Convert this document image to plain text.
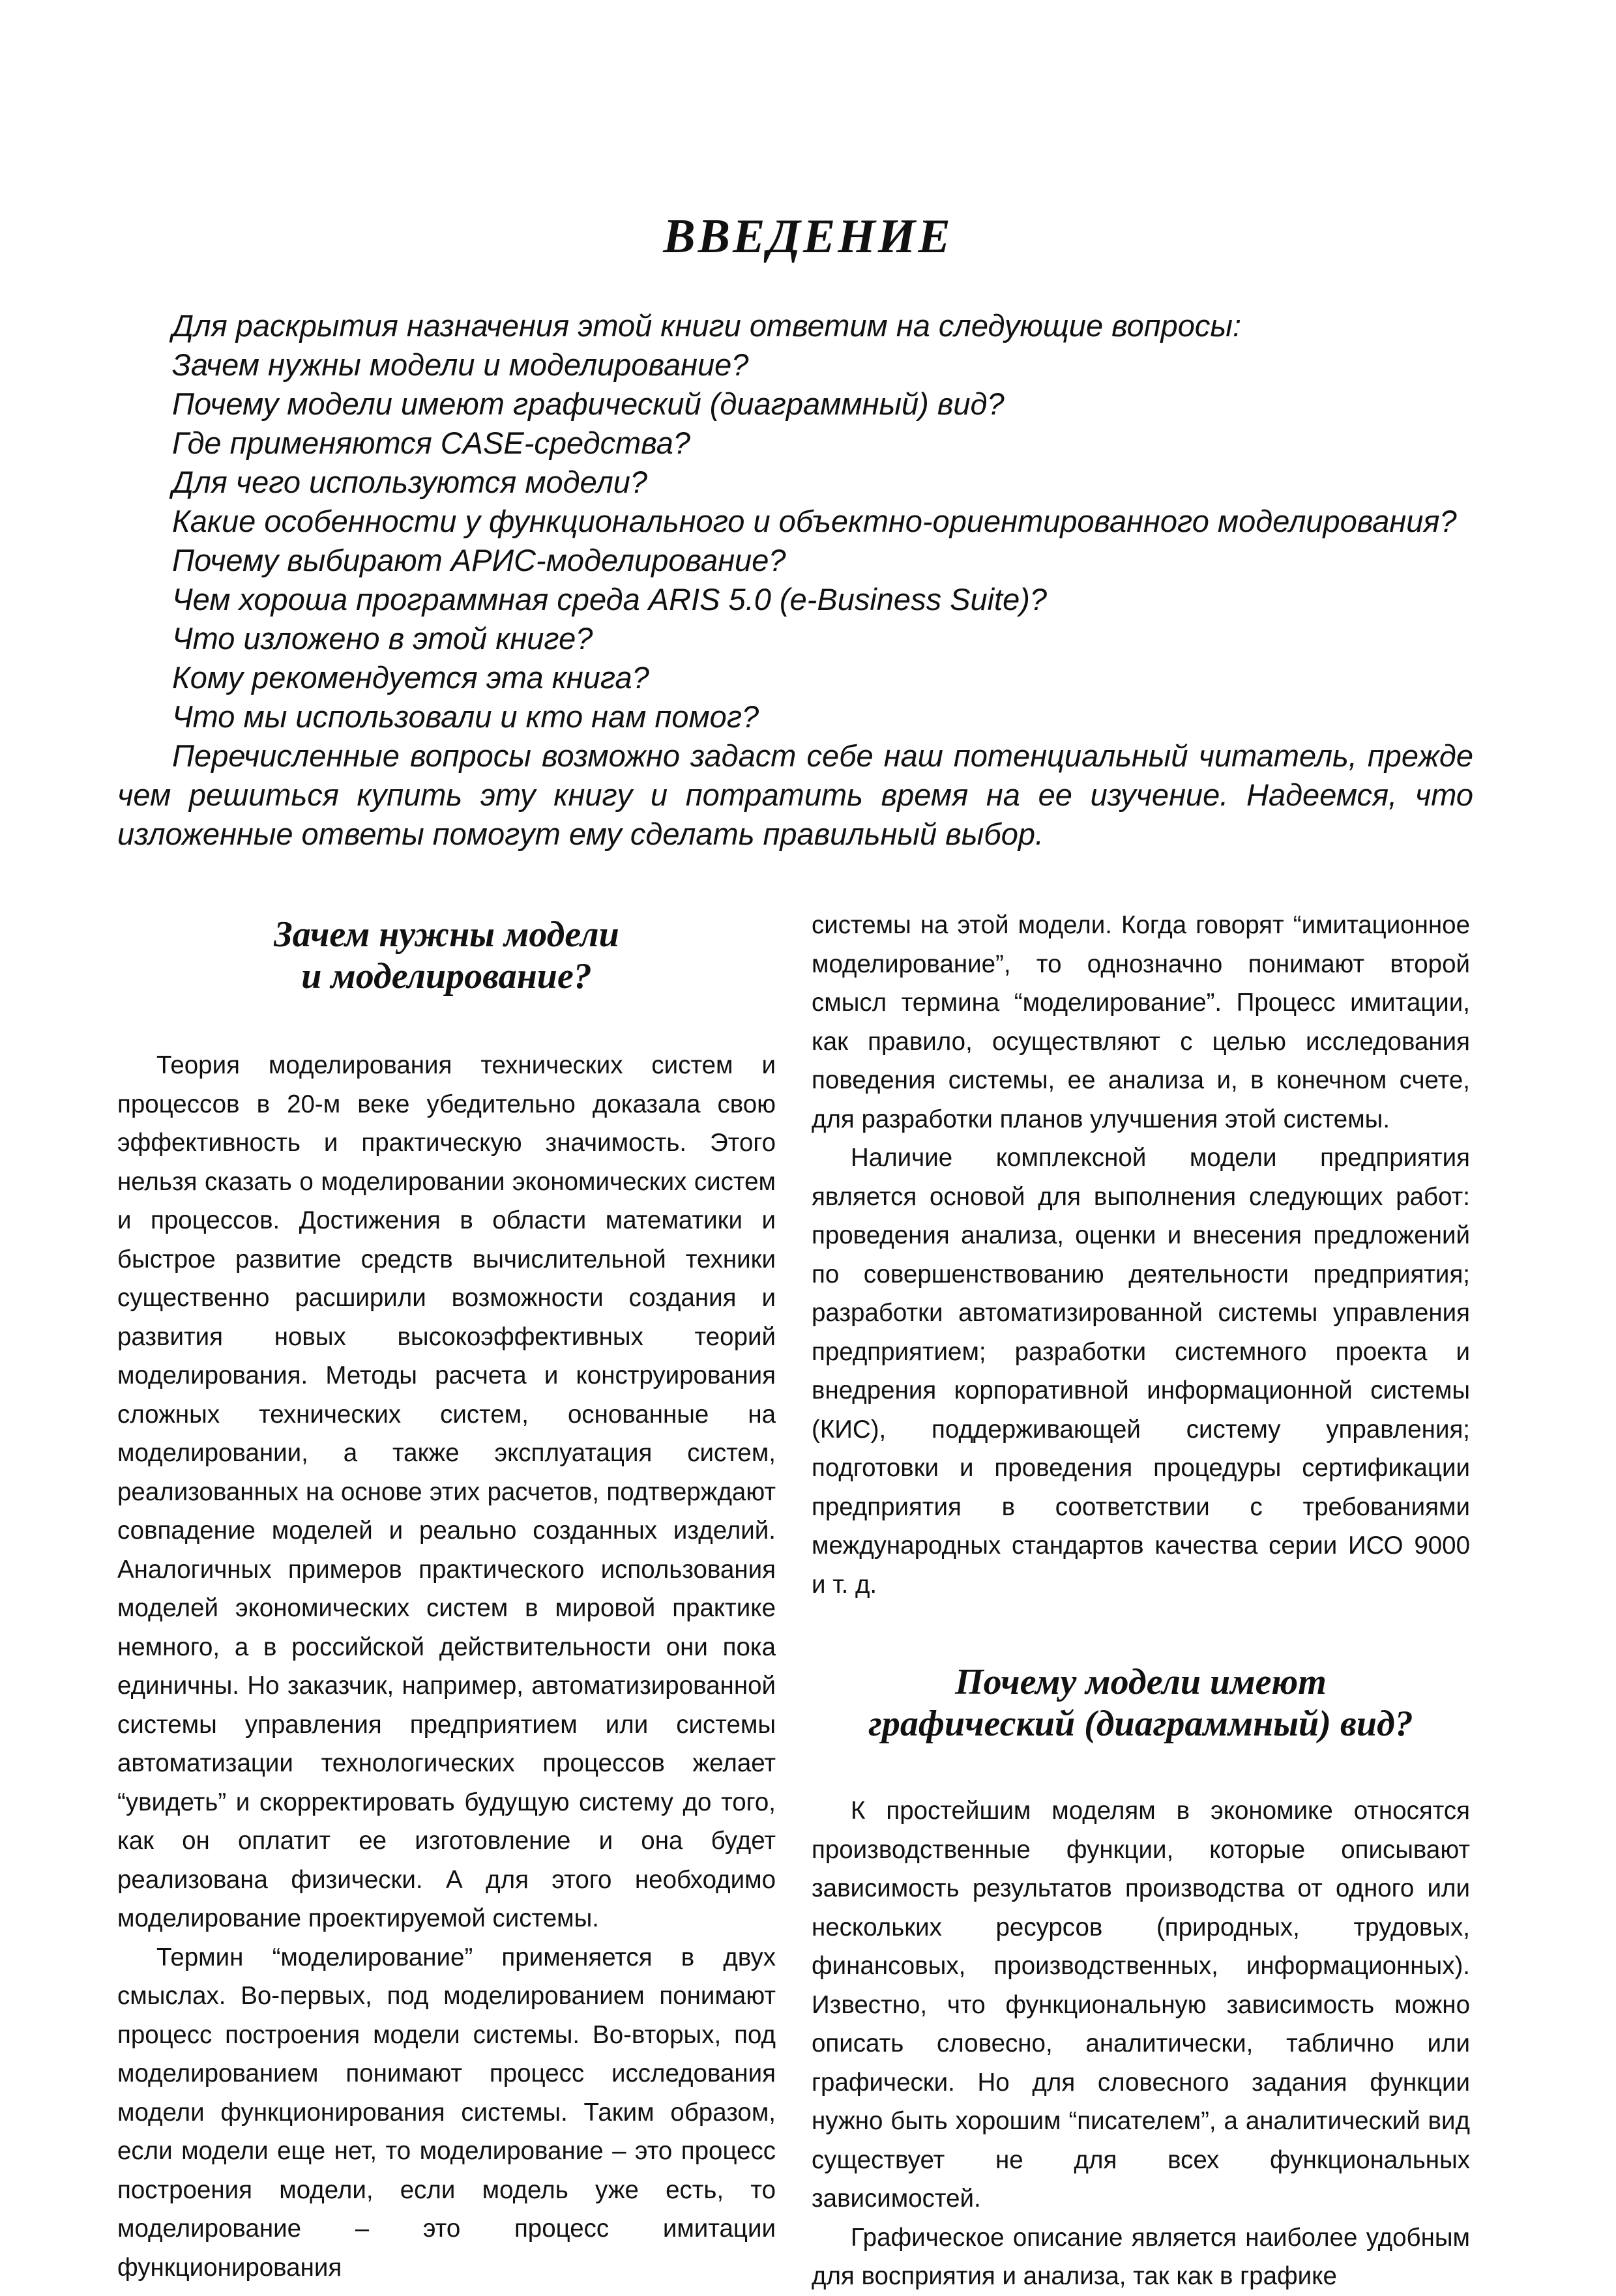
ВВЕДЕНИЕ

Для раскрытия назначения этой книги ответим на следующие вопросы:

Зачем нужны модели и моделирование?

Почему модели имеют графический (диаграммный) вид?

Где применяются CASE-средства?

Для чего используются модели?

Какие особенности у функционального и объектно-ориентированного моделирования?

Почему выбирают АРИС-моделирование?

Чем хороша программная среда ARIS 5.0 (e-Business Suite)?

Что изложено в этой книге?

Кому рекомендуется эта книга?

Что мы использовали и кто нам помог?

Перечисленные вопросы возможно задаст себе наш потенциальный читатель, прежде чем решиться купить эту книгу и потратить время на ее изучение. Надеемся, что изложенные ответы помогут ему сделать правильный выбор.

Зачем нужны модели
и моделирование?

Теория моделирования технических систем и процессов в 20-м веке убедительно доказала свою эффективность и практическую значимость. Этого нельзя сказать о моделировании экономических систем и процессов. Достижения в области математики и быстрое развитие средств вычислительной техники существенно расширили возможности создания и развития новых высокоэффективных теорий моделирования. Методы расчета и конструирования сложных технических систем, основанные на моделировании, а также эксплуатация систем, реализованных на основе этих расчетов, подтверждают совпадение моделей и реально созданных изделий. Аналогичных примеров практического использования моделей экономических систем в мировой практике немного, а в российской действительности они пока единичны. Но заказчик, например, автоматизированной системы управления предприятием или системы автоматизации технологических процессов желает “увидеть” и скорректировать будущую систему до того, как он оплатит ее изготовление и она будет реализована физически. А для этого необходимо моделирование проектируемой системы.

Термин “моделирование” применяется в двух смыслах. Во-первых, под моделированием понимают процесс построения модели системы. Во-вторых, под моделированием понимают процесс исследования модели функционирования системы. Таким образом, если модели еще нет, то моделирование – это процесс построения модели, если модель уже есть, то моделирование – это процесс имитации функционирования

системы на этой модели. Когда говорят “имитационное моделирование”, то однозначно понимают второй смысл термина “моделирование”. Процесс имитации, как правило, осуществляют с целью исследования поведения системы, ее анализа и, в конечном счете, для разработки планов улучшения этой системы.

Наличие комплексной модели предприятия является основой для выполнения следующих работ: проведения анализа, оценки и внесения предложений по совершенствованию деятельности предприятия; разработки автоматизированной системы управления предприятием; разработки системного проекта и внедрения корпоративной информационной системы (КИС), поддерживающей систему управления; подготовки и проведения процедуры сертификации предприятия в соответствии с требованиями международных стандартов качества серии ИСО 9000 и т. д.

Почему модели имеют
графический (диаграммный) вид?

К простейшим моделям в экономике относятся производственные функции, которые описывают зависимость результатов производства от одного или нескольких ресурсов (природных, трудовых, финансовых, производственных, информационных). Известно, что функциональную зависимость можно описать словесно, аналитически, таблично или графически. Но для словесного задания функции нужно быть хорошим “писателем”, а аналитический вид существует не для всех функциональных зависимостей.

Графическое описание является наиболее удобным для восприятия и анализа, так как в графике
